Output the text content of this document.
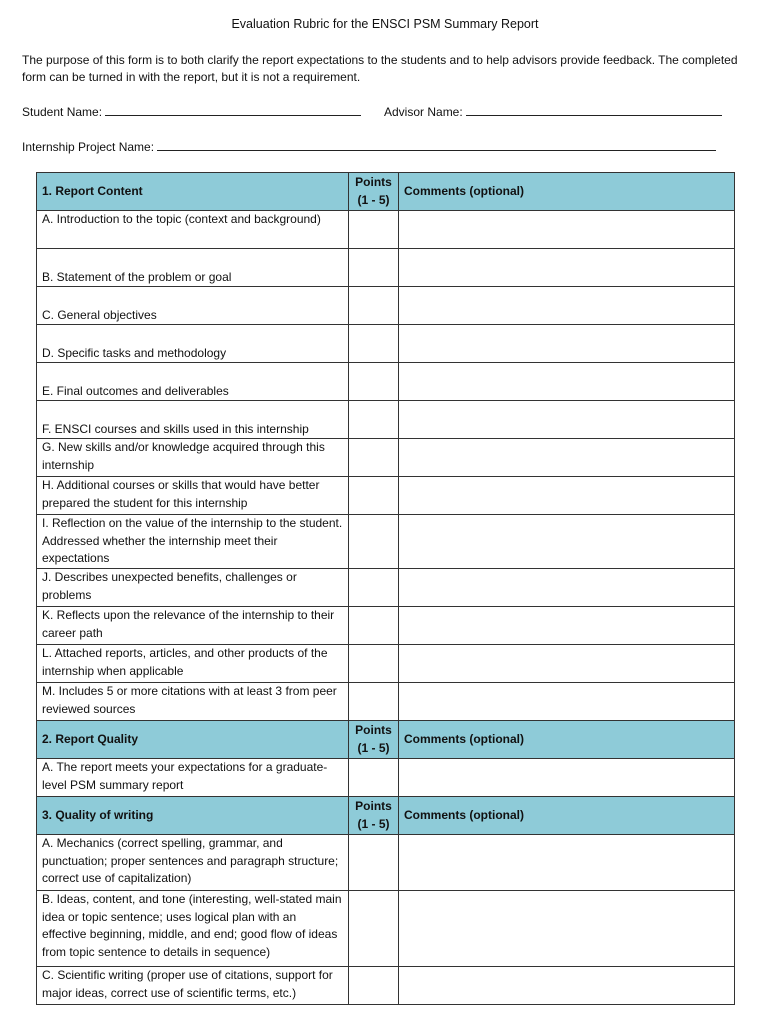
Evaluation Rubric for the ENSCI PSM Summary Report
The purpose of this form is to both clarify the report expectations to the students and to help advisors provide feedback. The completed form can be turned in with the report, but it is not a requirement.
Student Name:	Advisor Name:
Internship Project Name:
1. Report Content	Points (1 - 5)	Comments (optional)
A. Introduction to the topic (context and background)		
B. Statement of the problem or goal		
C. General objectives		
D. Specific tasks and methodology		
E. Final outcomes and deliverables		
F. ENSCI courses and skills used in this internship		
G. New skills and/or knowledge acquired through this internship		
H. Additional courses or skills that would have better prepared the student for this internship		
I. Reflection on the value of the internship to the student. Addressed whether the internship meet their expectations		
J. Describes unexpected benefits, challenges or problems		
K. Reflects upon the relevance of the internship to their career path		
L. Attached reports, articles, and other products of the internship when applicable		
M. Includes 5 or more citations with at least 3 from peer reviewed sources		
2. Report Quality	Points (1 - 5)	Comments (optional)
A. The report meets your expectations for a graduate-level PSM summary report		
3. Quality of writing	Points (1 - 5)	Comments (optional)
A. Mechanics (correct spelling, grammar, and punctuation; proper sentences and paragraph structure; correct use of capitalization)		
B. Ideas, content, and tone (interesting, well-stated main idea or topic sentence; uses logical plan with an effective beginning, middle, and end; good flow of ideas from topic sentence to details in sequence)		
C. Scientific writing (proper use of citations, support for major ideas, correct use of scientific terms, etc.)		
